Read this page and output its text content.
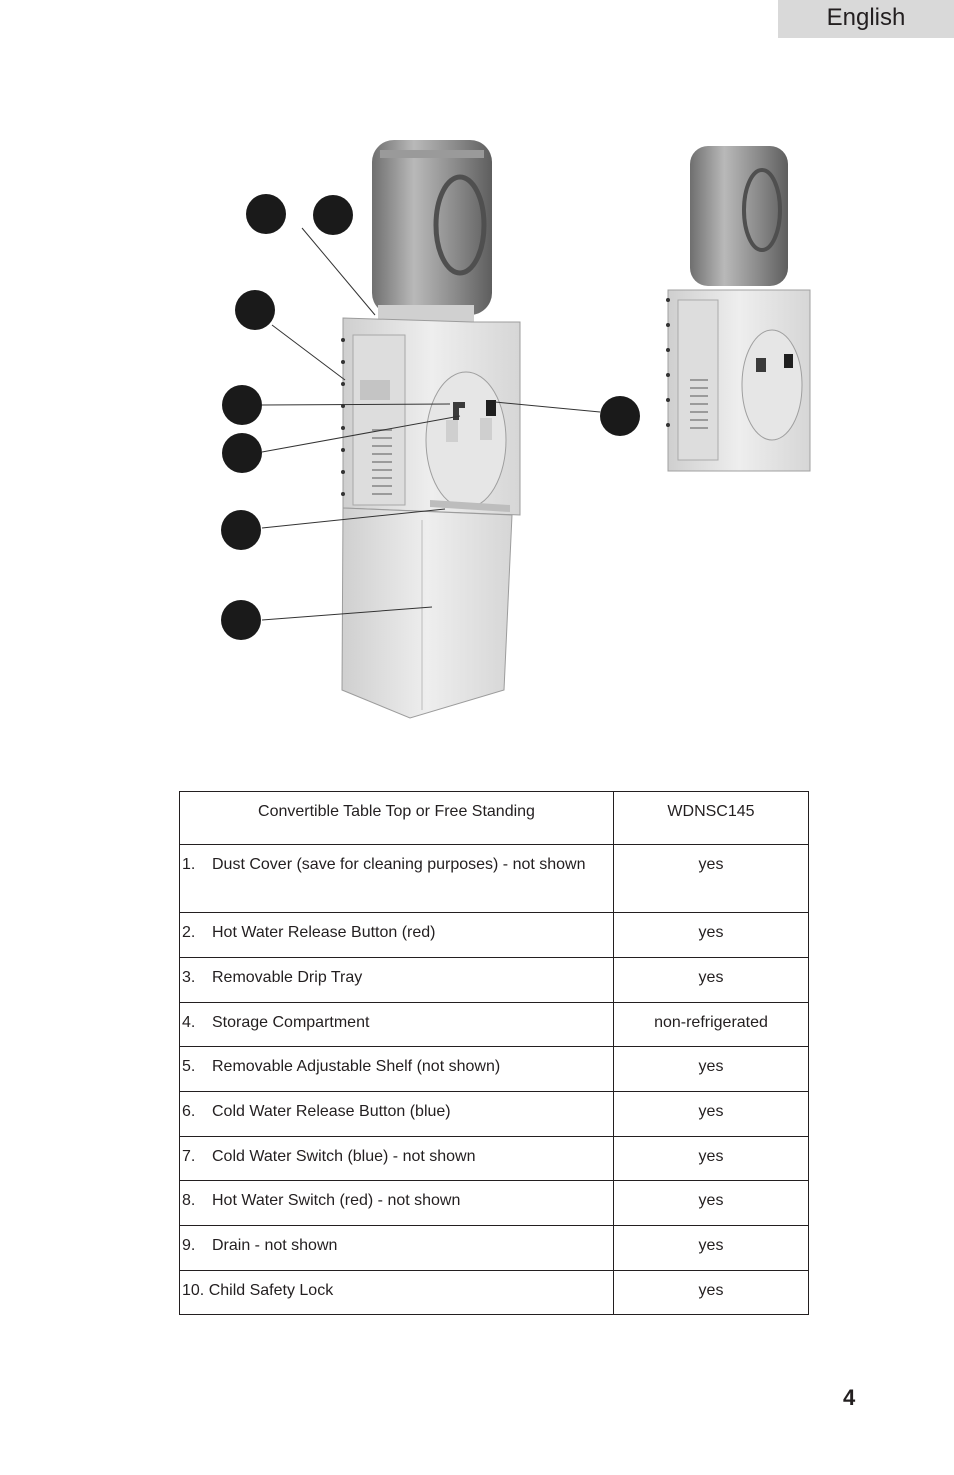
English
Convertible Table Top or Free Standing	WDNSC145
1. Dust Cover (save for cleaning purposes) - not shown	yes
2. Hot Water Release Button (red)	yes
3. Removable Drip Tray	yes
4. Storage Compartment	non-refrigerated
5. Removable Adjustable Shelf (not shown)	yes
6. Cold Water Release Button (blue)	yes
7. Cold Water Switch (blue) - not shown	yes
8. Hot Water Switch (red) - not shown	yes
9. Drain - not shown	yes
10. Child Safety Lock	yes
4
